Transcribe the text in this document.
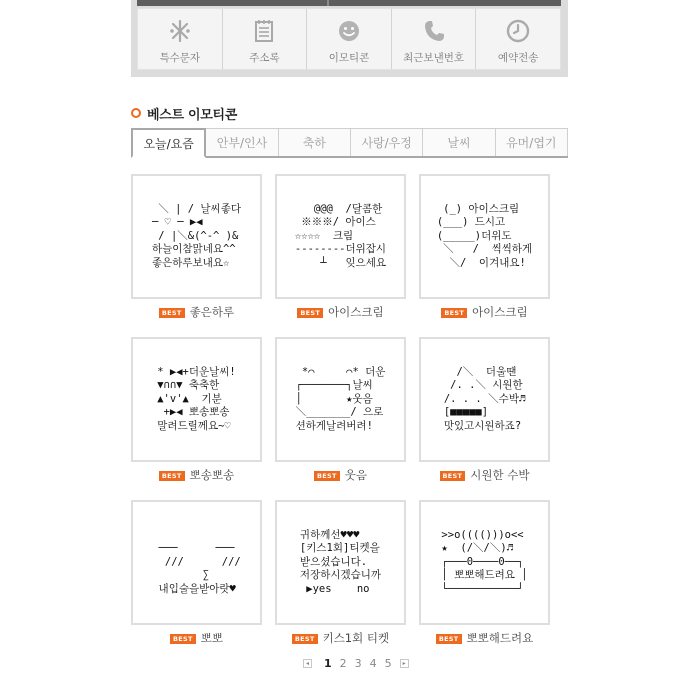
특수문자	주소록	이모티콘	최근보낸번호	예약전송
베스트 이모티콘
오늘/요즘	안부/인사	축하	사랑/우정	날씨	유머/엽기
＼ | / 날씨좋다
─ ♡ ─ ▶◀
/ |＼&(^-^ )&
하늘이참맑네요^^
좋은하루보내요☆
BEST 좋은하루
@@@  /달콤한
※※※/ 아이스
☆☆☆☆  크림
--------더위잡시
┴   잊으세요
BEST 아이스크림
(_) 아이스크림
(___) 드시고
(_____)더위도
＼   /  씩씩하게
＼/  이겨내요!
BEST 아이스크림
* ▶◀+더운날씨!
▼∩∩▼ 축축한
▲'v'▲  기분
+▶◀ 뽀송뽀송
말려드릴께요~♡
BEST 뽀송뽀송
*⌒     ⌒* 더운
┌───────┐날씨
│       ★웃음
＼_______/ 으로
션하게날려버려!
BEST 웃음
/＼  더울땐
/. .＼ 시원한
/. . . ＼수박♬
[■■■■■]
맛있고시원하죠?
BEST 시원한 수박

───      ───
///      ///
∑
내입술을받아랏♥
BEST 뽀뽀
귀하께선♥♥♥
[키스1회]티켓을
받으셨습니다.
저장하시겠습니까
▶yes    no
BEST 키스1회 티켓
>>o(((()))o<<
★  (/＼/＼)♬
┌───0────0──┐
│ 뽀뽀해드려요 │
└───────────┘
BEST 뽀뽀해드려요
◂ 1 2 3 4 5	▸
